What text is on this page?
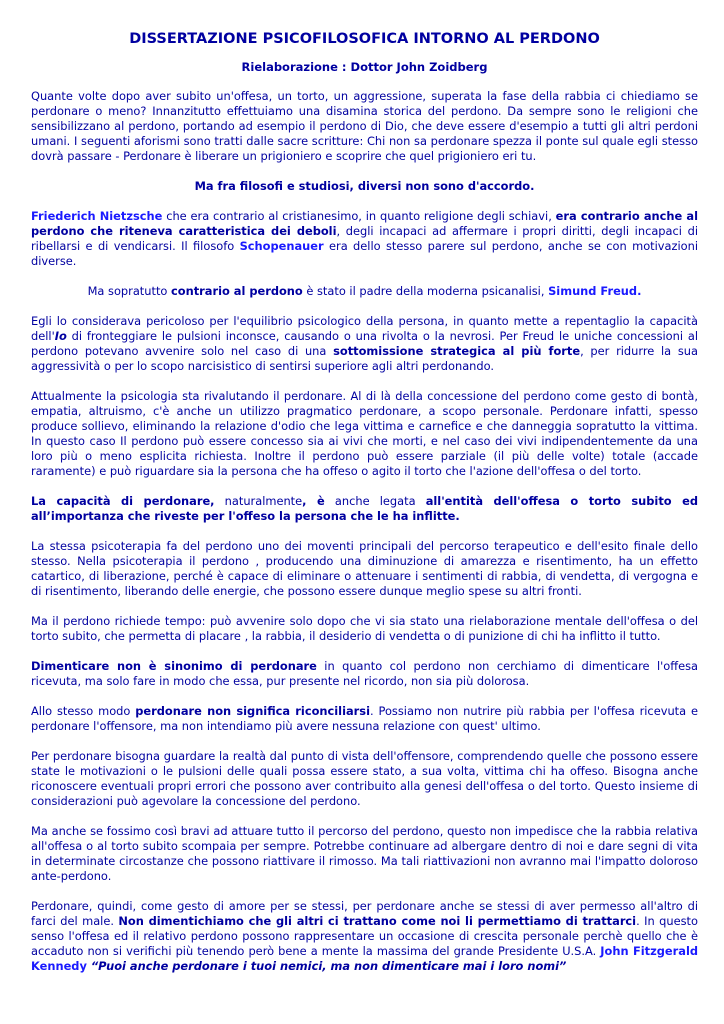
DISSERTAZIONE PSICOFILOSOFICA INTORNO AL PERDONO
Rielaborazione : Dottor John Zoidberg

Quante volte dopo aver subito un'offesa, un torto, un aggressione, superata la fase della rabbia ci chiediamo se perdonare o meno? Innanzitutto effettuiamo una disamina storica del perdono. Da sempre sono le religioni che sensibilizzano al perdono, portando ad esempio il perdono di Dio, che deve essere d'esempio a tutti gli altri perdoni umani. I seguenti aforismi sono tratti dalle sacre scritture: Chi non sa perdonare spezza il ponte sul quale egli stesso dovrà passare - Perdonare è liberare un prigioniero e scoprire che quel prigioniero eri tu.

Ma fra filosofi e studiosi, diversi non sono d'accordo.

Friederich Nietzsche che era contrario al cristianesimo, in quanto religione degli schiavi, era contrario anche al perdono che riteneva caratteristica dei deboli, degli incapaci ad affermare i propri diritti, degli incapaci di ribellarsi e di vendicarsi. Il filosofo Schopenauer era dello stesso parere sul perdono, anche se con motivazioni diverse.

Ma sopratutto contrario al perdono è stato il padre della moderna psicanalisi, Simund Freud.

Egli lo considerava pericoloso per l'equilibrio psicologico della persona, in quanto mette a repentaglio la capacità dell'Io di fronteggiare le pulsioni inconsce, causando o una rivolta o la nevrosi. Per Freud le uniche concessioni al perdono potevano avvenire solo nel caso di una sottomissione strategica al più forte, per ridurre la sua aggressività o per lo scopo narcisistico di sentirsi superiore agli altri perdonando.

Attualmente la psicologia sta rivalutando il perdonare. Al di là della concessione del perdono come gesto di bontà, empatia, altruismo, c'è anche un utilizzo pragmatico perdonare, a scopo personale. Perdonare infatti, spesso produce sollievo, eliminando la relazione d'odio che lega vittima e carnefice e che danneggia sopratutto la vittima. In questo caso Il perdono può essere concesso sia ai vivi che morti, e nel caso dei vivi indipendentemente da una loro più o meno esplicita richiesta. Inoltre il perdono può essere parziale (il più delle volte) totale (accade raramente) e può riguardare sia la persona che ha offeso o agito il torto che l'azione dell'offesa o del torto.

La capacità di perdonare, naturalmente, è anche legata all'entità dell'offesa o torto subito ed all’importanza che riveste per l'offeso la persona che le ha inflitte.

La stessa psicoterapia fa del perdono uno dei moventi principali del percorso terapeutico e dell'esito finale dello stesso. Nella psicoterapia il perdono , producendo una diminuzione di amarezza e risentimento, ha un effetto catartico, di liberazione, perché è capace di eliminare o attenuare i sentimenti di rabbia, di vendetta, di vergogna e di risentimento, liberando delle energie, che possono essere dunque meglio spese su altri fronti.

Ma il perdono richiede tempo: può avvenire solo dopo che vi sia stato una rielaborazione mentale dell'offesa o del torto subito, che permetta di placare , la rabbia, il desiderio di vendetta o di punizione di chi ha inflitto il tutto.

Dimenticare non è sinonimo di perdonare in quanto col perdono non cerchiamo di dimenticare l'offesa ricevuta, ma solo fare in modo che essa, pur presente nel ricordo, non sia più dolorosa.

Allo stesso modo perdonare non significa riconciliarsi. Possiamo non nutrire più rabbia per l'offesa ricevuta e perdonare l'offensore, ma non intendiamo più avere nessuna relazione con quest' ultimo.

Per perdonare bisogna guardare la realtà dal punto di vista dell'offensore, comprendendo quelle che possono essere state le motivazioni o le pulsioni delle quali possa essere stato, a sua volta, vittima chi ha offeso. Bisogna anche riconoscere eventuali propri errori che possono aver contribuito alla genesi dell'offesa o del torto. Questo insieme di considerazioni può agevolare la concessione del perdono.

Ma anche se fossimo così bravi ad attuare tutto il percorso del perdono, questo non impedisce che la rabbia relativa all'offesa o al torto subito scompaia per sempre. Potrebbe continuare ad albergare dentro di noi e dare segni di vita in determinate circostanze che possono riattivare il rimosso. Ma tali riattivazioni non avranno mai l'impatto doloroso ante-perdono.

Perdonare, quindi, come gesto di amore per se stessi, per perdonare anche se stessi di aver permesso all'altro di farci del male. Non dimentichiamo che gli altri ci trattano come noi li permettiamo di trattarci. In questo senso l'offesa ed il relativo perdono possono rappresentare un occasione di crescita personale perchè quello che è accaduto non si verifichi più tenendo però bene a mente la massima del grande Presidente U.S.A. John Fitzgerald Kennedy “Puoi anche perdonare i tuoi nemici, ma non dimenticare mai i loro nomi”
